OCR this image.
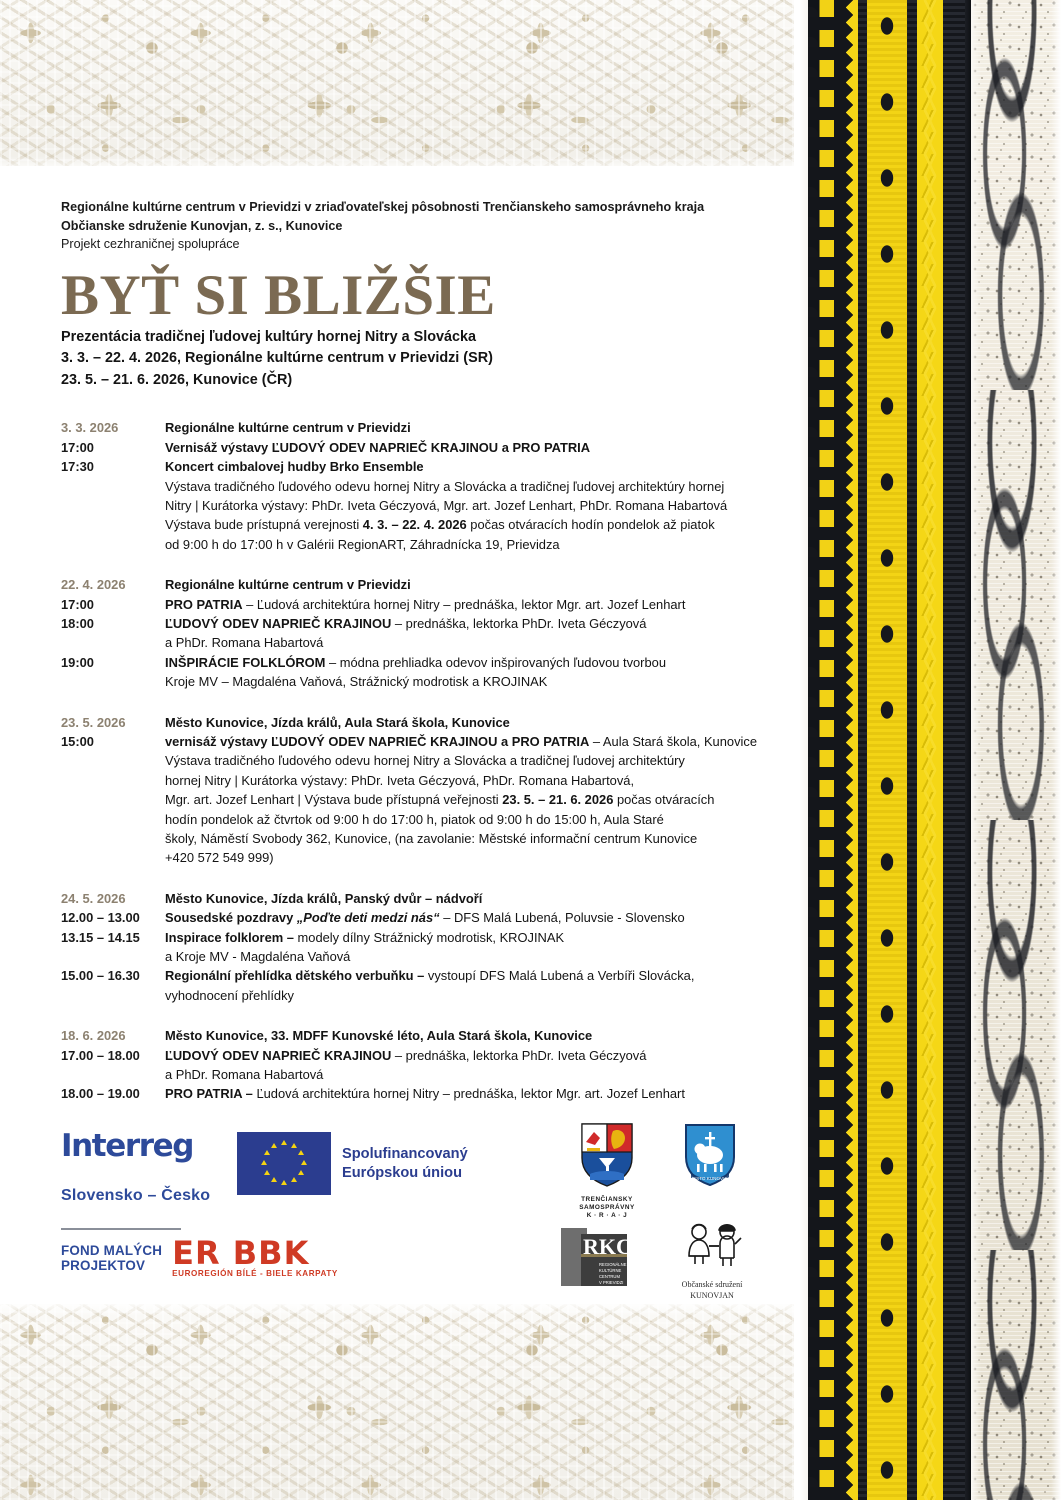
Regionálne kultúrne centrum v Prievidzi v zriaďovateľskej pôsobnosti Trenčianskeho samosprávneho kraja
Občianske sdruženie Kunovjan, z. s., Kunovice
Projekt cezhraničnej spolupráce
BYŤ SI BLIŽŠIE
Prezentácia tradičnej ľudovej kultúry hornej Nitry a Slovácka
3. 3. – 22. 4. 2026, Regionálne kultúrne centrum v Prievidzi (SR)
23. 5. – 21. 6. 2026, Kunovice (ČR)
3. 3. 2026	Regionálne kultúrne centrum v Prievidzi
17:00	Vernisáž výstavy ĽUDOVÝ ODEV NAPRIEČ KRAJINOU a PRO PATRIA
17:30	Koncert cimbalovej hudby Brko Ensemble
Výstava tradičného ľudového odevu hornej Nitry a Slovácka a tradičnej ľudovej architektúry hornej
Nitry | Kurátorka výstavy: PhDr. Iveta Géczyová, Mgr. art. Jozef Lenhart, PhDr. Romana Habartová
Výstava bude prístupná verejnosti 4. 3. – 22. 4. 2026 počas otváracích hodín pondelok až piatok
od 9:00 h do 17:00 h v Galérii RegionART, Záhradnícka 19, Prievidza
22. 4. 2026	Regionálne kultúrne centrum v Prievidzi
17:00	PRO PATRIA – Ľudová architektúra hornej Nitry – prednáška, lektor Mgr. art. Jozef Lenhart
18:00	ĽUDOVÝ ODEV NAPRIEČ KRAJINOU – prednáška, lektorka PhDr. Iveta Géczyová
a PhDr. Romana Habartová
19:00	INŠPIRÁCIE FOLKLÓROM – módna prehliadka odevov inšpirovaných ľudovou tvorbou
Kroje MV – Magdaléna Vaňová, Strážnický modrotisk a KROJINAK
23. 5. 2026	Město Kunovice, Jízda králů, Aula Stará škola, Kunovice
15:00	vernisáž výstavy ĽUDOVÝ ODEV NAPRIEČ KRAJINOU a PRO PATRIA – Aula Stará škola, Kunovice
Výstava tradičného ľudového odevu hornej Nitry a Slovácka a tradičnej ľudovej architektúry
hornej Nitry | Kurátorka výstavy: PhDr. Iveta Géczyová, PhDr. Romana Habartová,
Mgr. art. Jozef Lenhart | Výstava bude přístupná veřejnosti 23. 5. – 21. 6. 2026 počas otváracích
hodín pondelok až čtvrtok od 9:00 h do 17:00 h, piatok od 9:00 h do 15:00 h, Aula Staré
školy, Náměstí Svobody 362, Kunovice, (na zavolanie: Městské informační centrum Kunovice
+420 572 549 999)
24. 5. 2026	Město Kunovice, Jízda králů, Panský dvůr – nádvoří
12.00 – 13.00	Sousedské pozdravy „Poďte deti medzi nás“ – DFS Malá Lubená, Poluvsie - Slovensko
13.15 – 14.15	Inspirace folklorem – modely dílny Strážnický modrotisk, KROJINAK
a Kroje MV - Magdaléna Vaňová
15.00 – 16.30	Regionální přehlídka dětského verbuňku – vystoupí DFS Malá Lubená a Verbíři Slovácka,
vyhodnocení přehlídky
18. 6. 2026	Město Kunovice, 33. MDFF Kunovské léto, Aula Stará škola, Kunovice
17.00 – 18.00	ĽUDOVÝ ODEV NAPRIEČ KRAJINOU – prednáška, lektorka PhDr. Iveta Géczyová
a PhDr. Romana Habartová
18.00 – 19.00	PRO PATRIA – Ľudová architektúra hornej Nitry – prednáška, lektor Mgr. art. Jozef Lenhart
Interreg
Slovensko – Česko
Spolufinancovaný
Európskou úniou
FOND MALÝCH
PROJEKTOV ER BBK
EUROREGIÓN BÍLÉ - BIELE KARPATY
TRENČIANSKY
SAMOSPRÁVNY
K · R · A · J
MESTO KUNOVICE
RKC
REGIONÁLNE
KULTÚRNE
CENTRUM
V PRIEVIDZI	Občanské sdružení
KUNOVJAN
